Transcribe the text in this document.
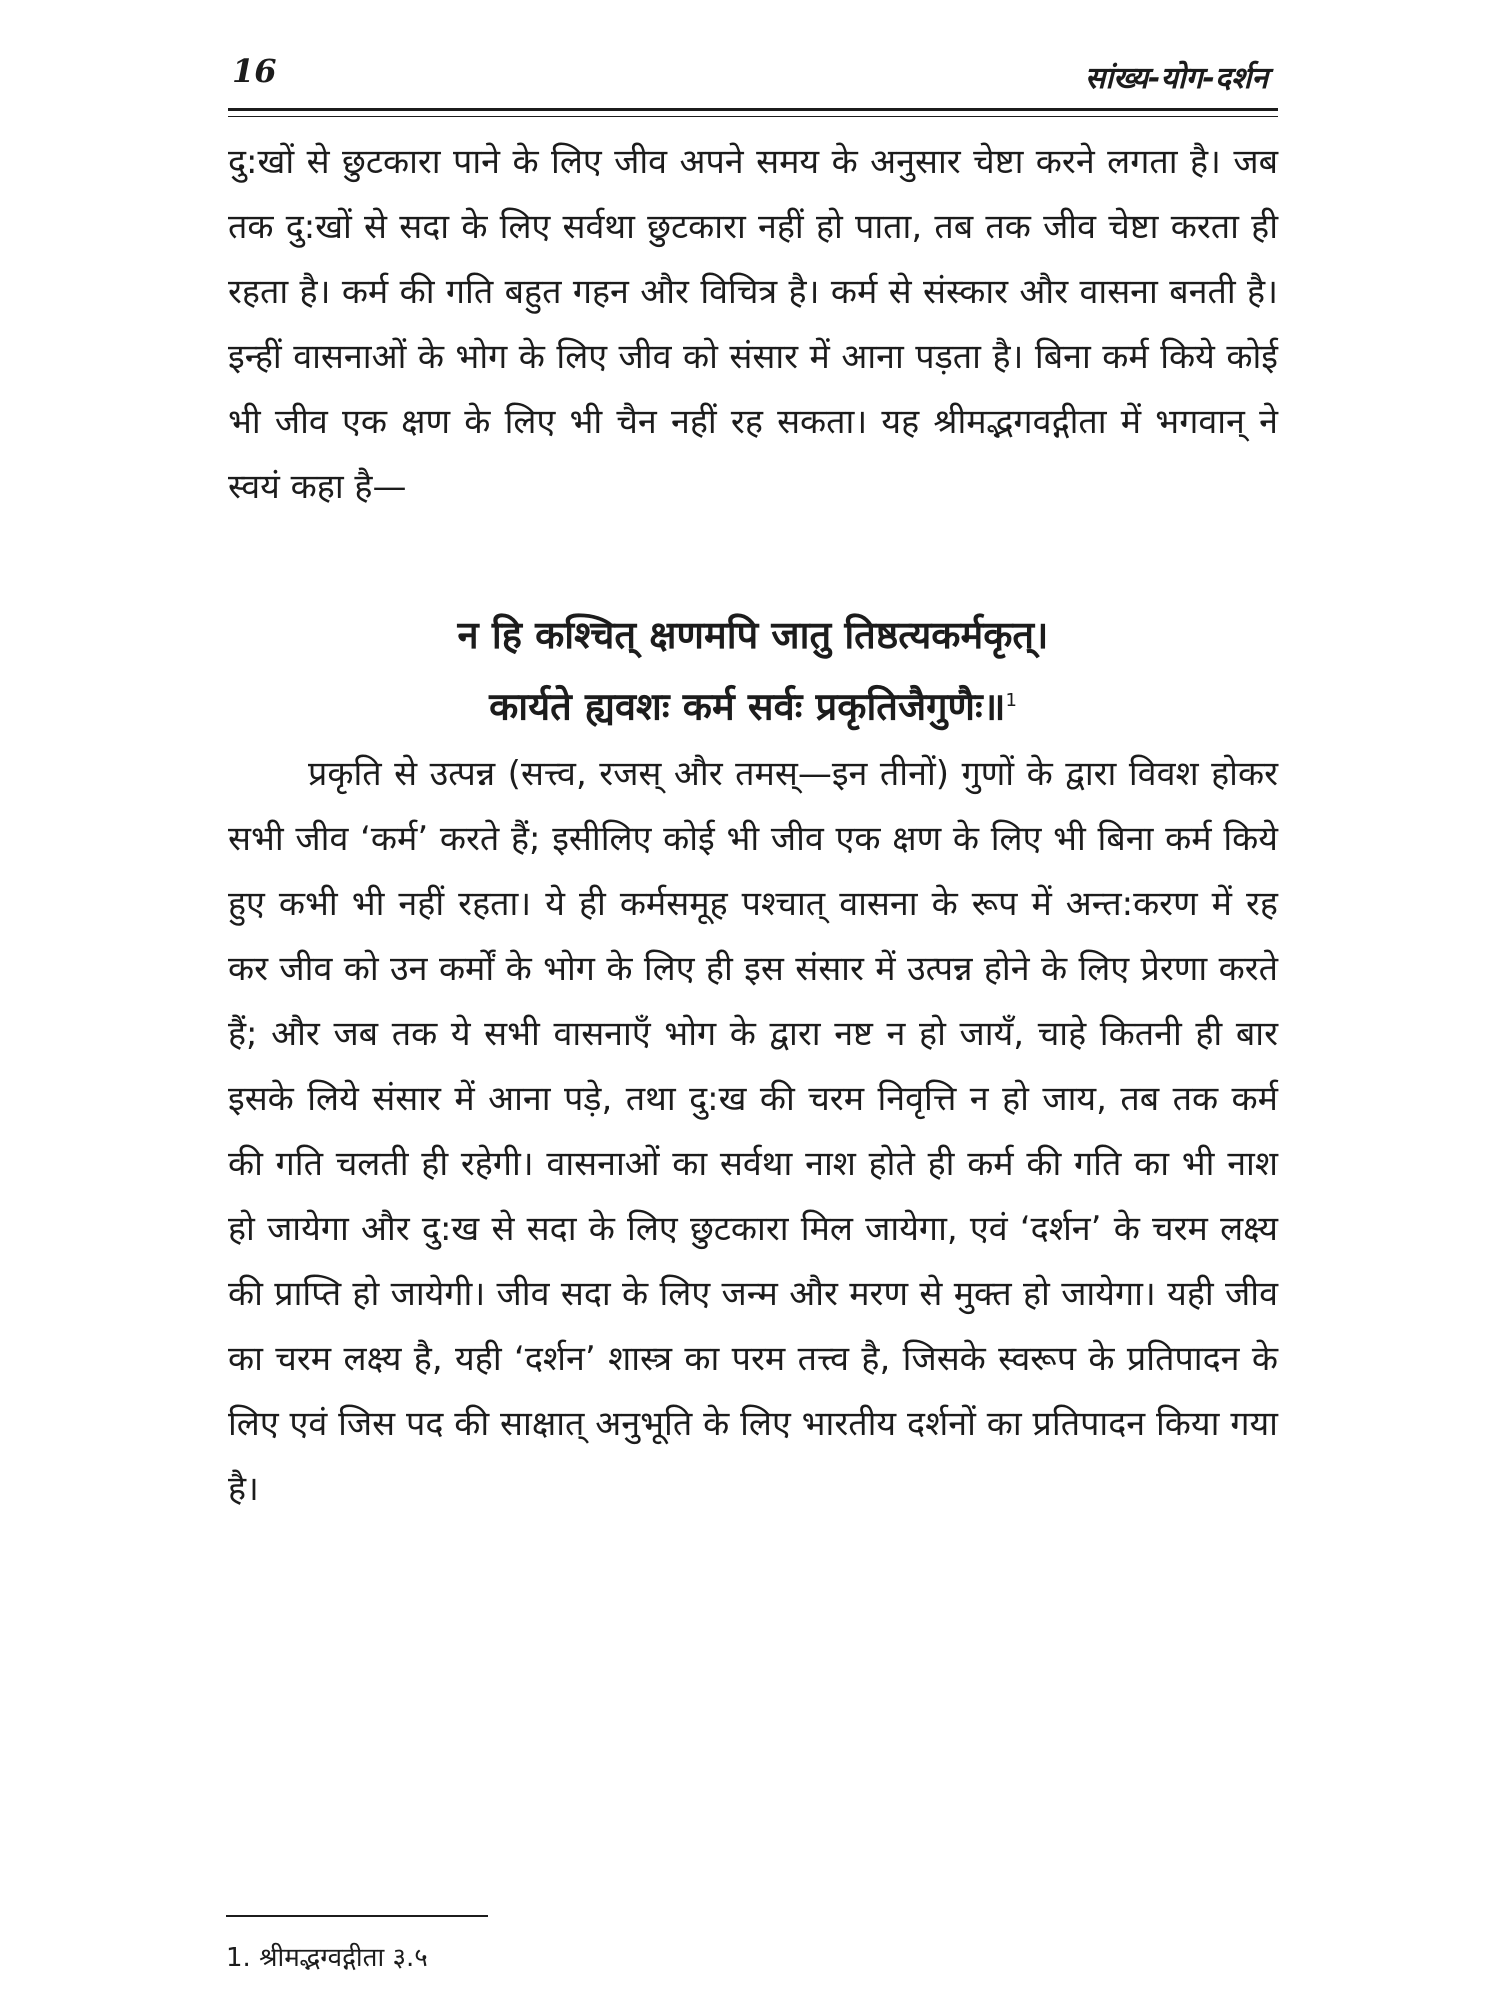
16	सांख्य-योग-दर्शन
दु:खों से छुटकारा पाने के लिए जीव अपने समय के अनुसार चेष्टा करने लगता है। जब तक दु:खों से सदा के लिए सर्वथा छुटकारा नहीं हो पाता, तब तक जीव चेष्टा करता ही रहता है। कर्म की गति बहुत गहन और विचित्र है। कर्म से संस्कार और वासना बनती है। इन्हीं वासनाओं के भोग के लिए जीव को संसार में आना पड़ता है। बिना कर्म किये कोई भी जीव एक क्षण के लिए भी चैन नहीं रह सकता। यह श्रीमद्भगवद्गीता में भगवान् ने स्वयं कहा है—
न हि कश्चित् क्षणमपि जातु तिष्ठत्यकर्मकृत्।
कार्यते ह्यवशः कर्म सर्वः प्रकृतिजैगुणैः॥$^1$
प्रकृति से उत्पन्न (सत्त्व, रजस् और तमस्—इन तीनों) गुणों के द्वारा विवश होकर सभी जीव ‘कर्म’ करते हैं; इसीलिए कोई भी जीव एक क्षण के लिए भी बिना कर्म किये हुए कभी भी नहीं रहता। ये ही कर्मसमूह पश्चात् वासना के रूप में अन्त:करण में रह कर जीव को उन कर्मों के भोग के लिए ही इस संसार में उत्पन्न होने के लिए प्रेरणा करते हैं; और जब तक ये सभी वासनाएँ भोग के द्वारा नष्ट न हो जायँ, चाहे कितनी ही बार इसके लिये संसार में आना पड़े, तथा दु:ख की चरम निवृत्ति न हो जाय, तब तक कर्म की गति चलती ही रहेगी। वासनाओं का सर्वथा नाश होते ही कर्म की गति का भी नाश हो जायेगा और दु:ख से सदा के लिए छुटकारा मिल जायेगा, एवं ‘दर्शन’ के चरम लक्ष्य की प्राप्ति हो जायेगी। जीव सदा के लिए जन्म और मरण से मुक्त हो जायेगा। यही जीव का चरम लक्ष्य है, यही ‘दर्शन’ शास्त्र का परम तत्त्व है, जिसके स्वरूप के प्रतिपादन के लिए एवं जिस पद की साक्षात् अनुभूति के लिए भारतीय दर्शनों का प्रतिपादन किया गया है।
1. श्रीमद्भग्वद्गीता ३.५
